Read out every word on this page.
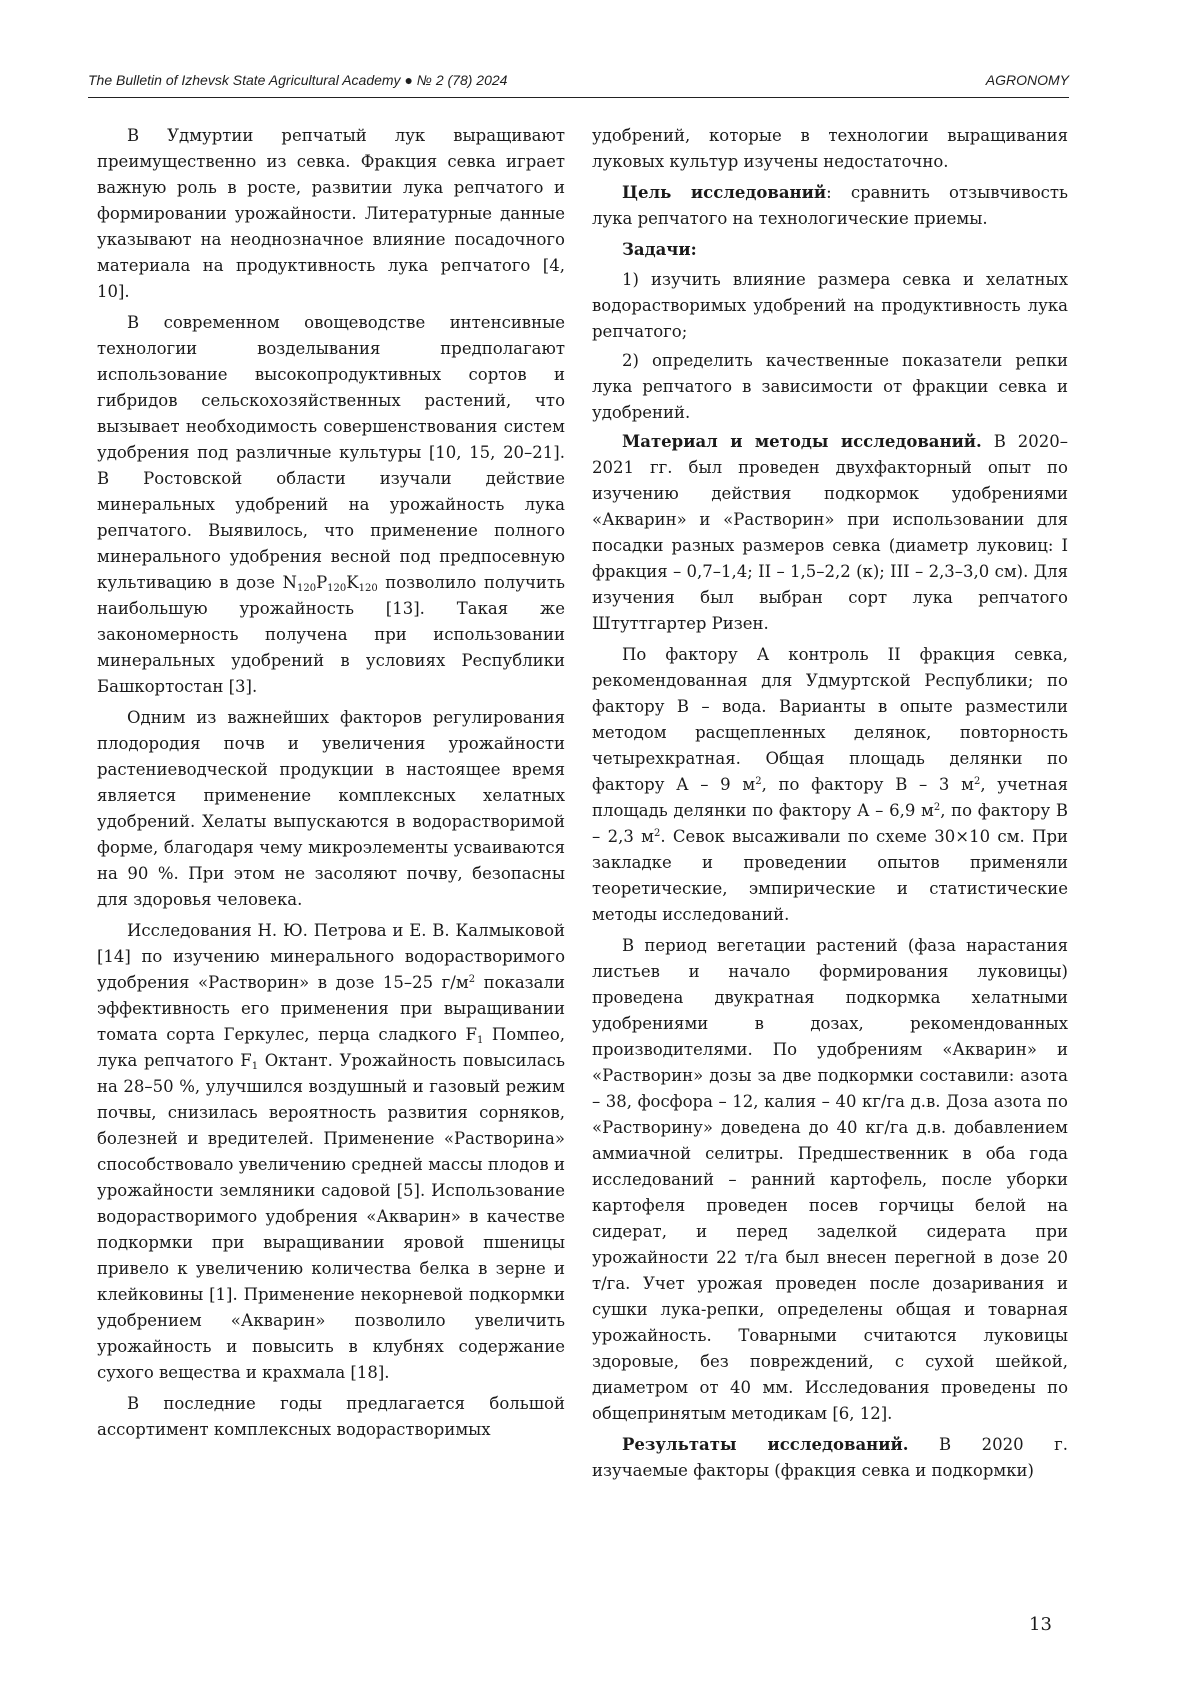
The Bulletin of Izhevsk State Agricultural Academy ● № 2 (78) 2024	AGRONOMY

В Удмуртии репчатый лук выращивают преимущественно из севка. Фракция севка играет важную роль в росте, развитии лука репчатого и формировании урожайности. Литературные данные указывают на неоднозначное влияние посадочного материала на продуктивность лука репчатого [4, 10].

В современном овощеводстве интенсивные технологии возделывания предполагают использование высокопродуктивных сортов и гибридов сельскохозяйственных растений, что вызывает необходимость совершенствования систем удобрения под различные культуры [10, 15, 20–21]. В Ростовской области изучали действие минеральных удобрений на урожайность лука репчатого. Выявилось, что применение полного минерального удобрения весной под предпосевную культивацию в дозе $N_{120}P_{120}K_{120}$ позволило получить наибольшую урожайность [13]. Такая же закономерность получена при использовании минеральных удобрений в условиях Республики Башкортостан [3].

Одним из важнейших факторов регулирования плодородия почв и увеличения урожайности растениеводческой продукции в настоящее время является применение комплексных хелатных удобрений. Хелаты выпускаются в водорастворимой форме, благодаря чему микроэлементы усваиваются на 90 %. При этом не засоляют почву, безопасны для здоровья человека.

Исследования Н. Ю. Петрова и Е. В. Калмыковой [14] по изучению минерального водорастворимого удобрения «Растворин» в дозе 15–25 $г/м^2$ показали эффективность его применения при выращивании томата сорта Геркулес, перца сладкого $F_1$ Помпео, лука репчатого $F_1$ Октант. Урожайность повысилась на 28–50 %, улучшился воздушный и газовый режим почвы, снизилась вероятность развития сорняков, болезней и вредителей. Применение «Растворина» способствовало увеличению средней массы плодов и урожайности земляники садовой [5]. Использование водорастворимого удобрения «Акварин» в качестве подкормки при выращивании яровой пшеницы привело к увеличению количества белка в зерне и клейковины [1]. Применение некорневой подкормки удобрением «Акварин» позволило увеличить урожайность и повысить в клубнях содержание сухого вещества и крахмала [18].

В последние годы предлагается большой ассортимент комплексных водорастворимых

удобрений, которые в технологии выращивания луковых культур изучены недостаточно.

Цель исследований: сравнить отзывчивость лука репчатого на технологические приемы.

Задачи:

1) изучить влияние размера севка и хелатных водорастворимых удобрений на продуктивность лука репчатого;

2) определить качественные показатели репки лука репчатого в зависимости от фракции севка и удобрений.

Материал и методы исследований. В 2020–2021 гг. был проведен двухфакторный опыт по изучению действия подкормок удобрениями «Акварин» и «Растворин» при использовании для посадки разных размеров севка (диаметр луковиц: I фракция – 0,7–1,4; II – 1,5–2,2 (к); III – 2,3–3,0 см). Для изучения был выбран сорт лука репчатого Штуттгартер Ризен.

По фактору А контроль II фракция севка, рекомендованная для Удмуртской Республики; по фактору В – вода. Варианты в опыте разместили методом расщепленных делянок, повторность четырехкратная. Общая площадь делянки по фактору А – 9 $м^2$, по фактору В – 3 $м^2$, учетная площадь делянки по фактору А – 6,9 $м^2$, по фактору В – 2,3 $м^2$. Севок высаживали по схеме 30×10 см. При закладке и проведении опытов применяли теоретические, эмпирические и статистические методы исследований.

В период вегетации растений (фаза нарастания листьев и начало формирования луковицы) проведена двукратная подкормка хелатными удобрениями в дозах, рекомендованных производителями. По удобрениям «Акварин» и «Растворин» дозы за две подкормки составили: азота – 38, фосфора – 12, калия – 40 кг/га д.в. Доза азота по «Растворину» доведена до 40 кг/га д.в. добавлением аммиачной селитры. Предшественник в оба года исследований – ранний картофель, после уборки картофеля проведен посев горчицы белой на сидерат, и перед заделкой сидерата при урожайности 22 т/га был внесен перегной в дозе 20 т/га. Учет урожая проведен после дозаривания и сушки лука-репки, определены общая и товарная урожайность. Товарными считаются луковицы здоровые, без повреждений, с сухой шейкой, диаметром от 40 мм. Исследования проведены по общепринятым методикам [6, 12].

Результаты исследований. В 2020 г. изучаемые факторы (фракция севка и подкормки)

13
